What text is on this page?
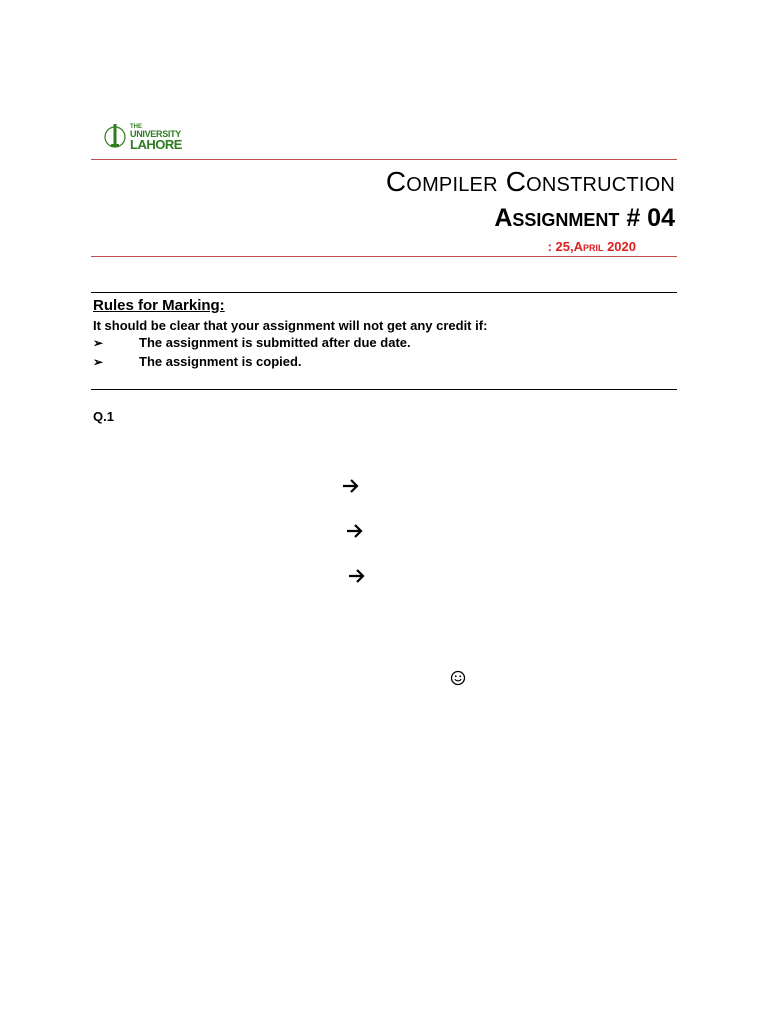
THE
UNIVERSITY
LAHORE
Compiler Construction
Assignment # 04
: 25,April 2020
Rules for Marking:
It should be clear that your assignment will not get any credit if:
➢	The assignment is submitted after due date.
➢	The assignment is copied.
Q.1
